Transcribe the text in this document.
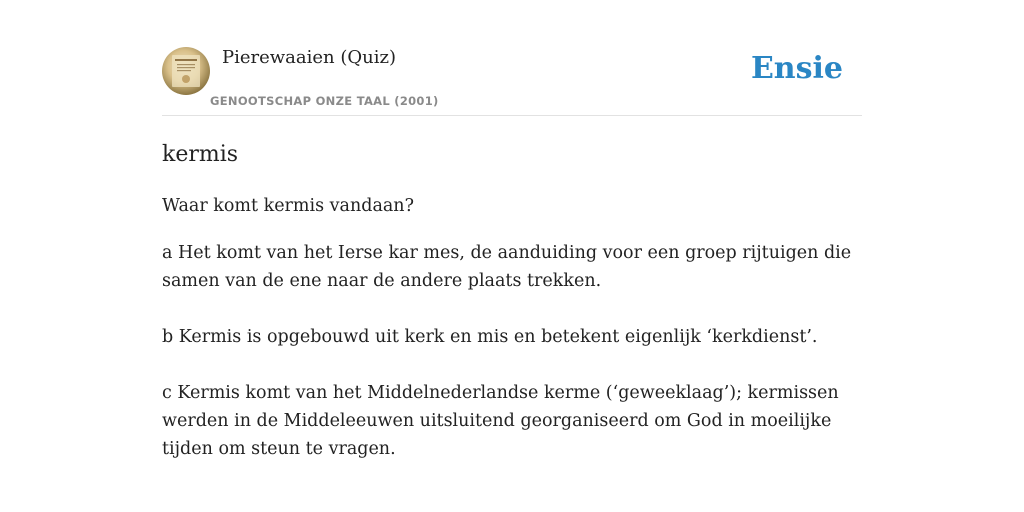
Pierewaaien (Quiz)
GENOOTSCHAP ONZE TAAL (2001)
Ensie
kermis

Waar komt kermis vandaan?

a Het komt van het Ierse kar mes, de aanduiding voor een groep rijtuigen die samen van de ene naar de andere plaats trekken.

b Kermis is opgebouwd uit kerk en mis en betekent eigenlijk ‘kerkdienst’.

c Kermis komt van het Middelnederlandse kerme (‘geweeklaag’); kermissen werden in de Middeleeuwen uitsluitend georganiseerd om God in moeilijke tijden om steun te vragen.
